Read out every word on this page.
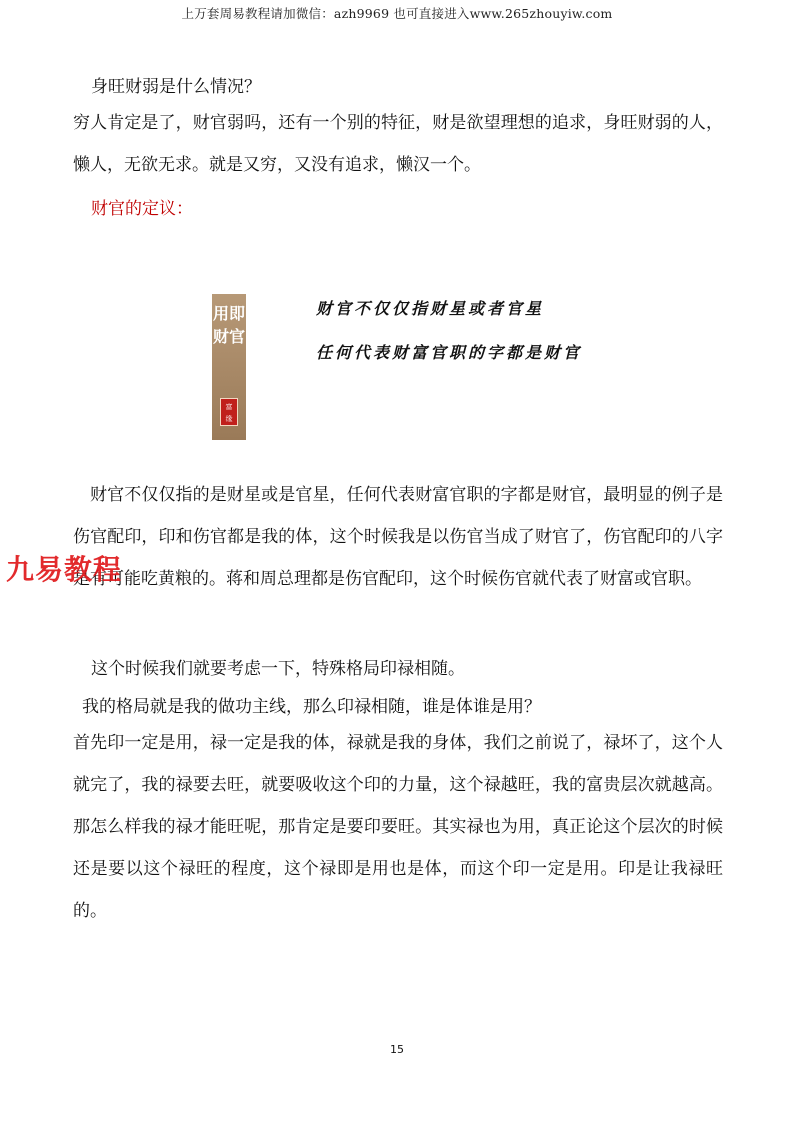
上万套周易教程请加微信：azh9969 也可直接进入www.265zhouyiw.com

身旺财弱是什么情况？

穷人肯定是了，财官弱吗，还有一个别的特征，财是欲望理想的追求，身旺财弱的人，懒人，无欲无求。就是又穷，又没有追求，懒汉一个。

财官的定议：

用即财官
富 缘
财官不仅仅指财星或者官星
任何代表财富官职的字都是财官

财官不仅仅指的是财星或是官星，任何代表财富官职的字都是财官，最明显的例子是伤官配印，印和伤官都是我的体，这个时候我是以伤官当成了财官了，伤官配印的八字是有可能吃黄粮的。蒋和周总理都是伤官配印，这个时候伤官就代表了财富或官职。

九易教程

这个时候我们就要考虑一下，特殊格局印禄相随。

我的格局就是我的做功主线，那么印禄相随，谁是体谁是用？

首先印一定是用，禄一定是我的体，禄就是我的身体，我们之前说了，禄坏了，这个人就完了，我的禄要去旺，就要吸收这个印的力量，这个禄越旺，我的富贵层次就越高。那怎么样我的禄才能旺呢，那肯定是要印要旺。其实禄也为用，真正论这个层次的时候还是要以这个禄旺的程度，这个禄即是用也是体，而这个印一定是用。印是让我禄旺的。

15
